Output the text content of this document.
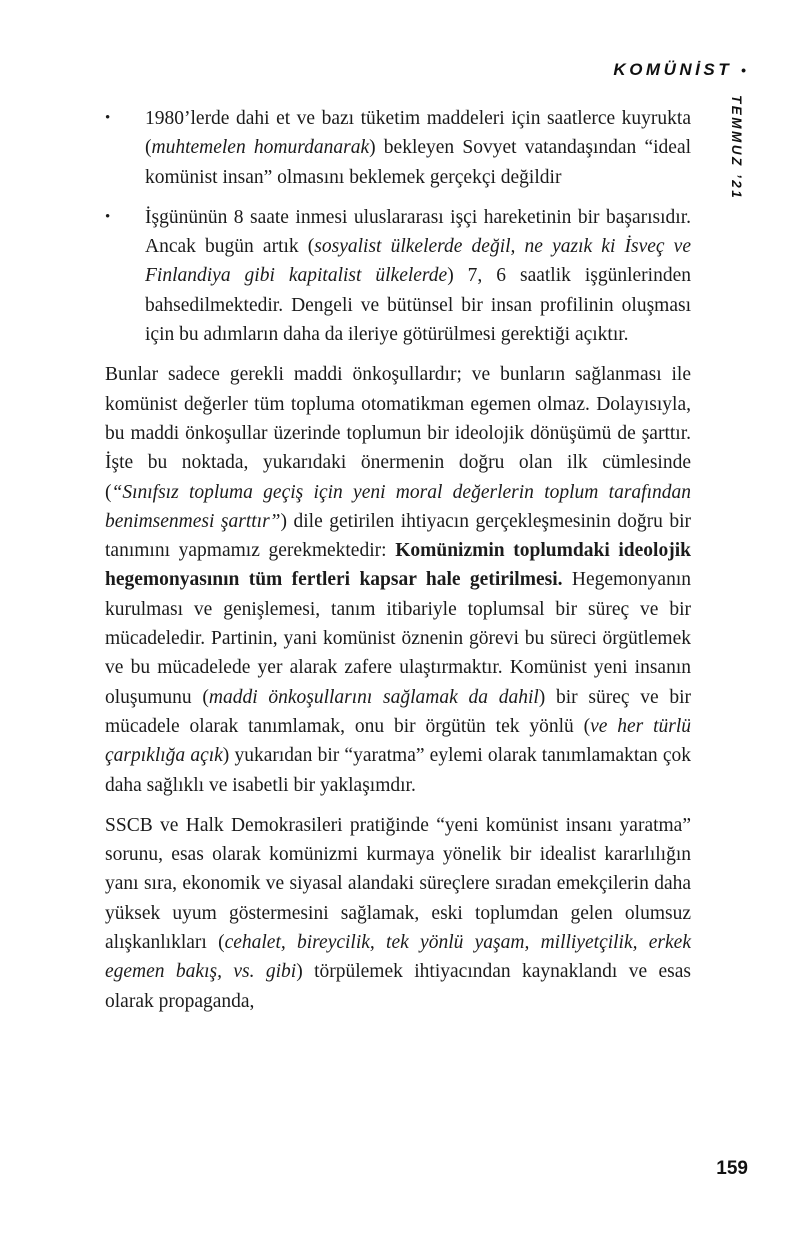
KOMÜNİST •
TEMMUZ ’21
•	1980’lerde dahi et ve bazı tüketim maddeleri için saatlerce kuyrukta (muhtemelen homurdanarak) bekleyen Sovyet vatandaşından “ideal komünist insan” olmasını beklemek gerçekçi değildir

•	İşgününün 8 saate inmesi uluslararası işçi hareketinin bir başarısıdır. Ancak bugün artık (sosyalist ülkelerde değil, ne yazık ki İsveç ve Finlandiya gibi kapitalist ülkelerde) 7, 6 saatlik işgünlerinden bahsedilmektedir. Dengeli ve bütünsel bir insan profilinin oluşması için bu adımların daha da ileriye götürülmesi gerektiği açıktır.

Bunlar sadece gerekli maddi önkoşullardır; ve bunların sağlanması ile komünist değerler tüm topluma otomatikman egemen olmaz. Dolayısıyla, bu maddi önkoşullar üzerinde toplumun bir ideolojik dönüşümü de şarttır. İşte bu noktada, yukarıdaki önermenin doğru olan ilk cümlesinde (“Sınıfsız topluma geçiş için yeni moral değerlerin toplum tarafından benimsenmesi şarttır”) dile getirilen ihtiyacın gerçekleşmesinin doğru bir tanımını yapmamız gerekmektedir: Komünizmin toplumdaki ideolojik hegemonyasının tüm fertleri kapsar hale getirilmesi. Hegemonyanın kurulması ve genişlemesi, tanım itibariyle toplumsal bir süreç ve bir mücadeledir. Partinin, yani komünist öznenin görevi bu süreci örgütlemek ve bu mücadelede yer alarak zafere ulaştırmaktır. Komünist yeni insanın oluşumunu (maddi önkoşullarını sağlamak da dahil) bir süreç ve bir mücadele olarak tanımlamak, onu bir örgütün tek yönlü (ve her türlü çarpıklığa açık) yukarıdan bir “yaratma” eylemi olarak tanımlamaktan çok daha sağlıklı ve isabetli bir yaklaşımdır.

SSCB ve Halk Demokrasileri pratiğinde “yeni komünist insanı yaratma” sorunu, esas olarak komünizmi kurmaya yönelik bir idealist kararlılığın yanı sıra, ekonomik ve siyasal alandaki süreçlere sıradan emekçilerin daha yüksek uyum göstermesini sağlamak, eski toplumdan gelen olumsuz alışkanlıkları (cehalet, bireycilik, tek yönlü yaşam, milliyetçilik, erkek egemen bakış, vs. gibi) törpülemek ihtiyacından kaynaklandı ve esas olarak propaganda,

159
